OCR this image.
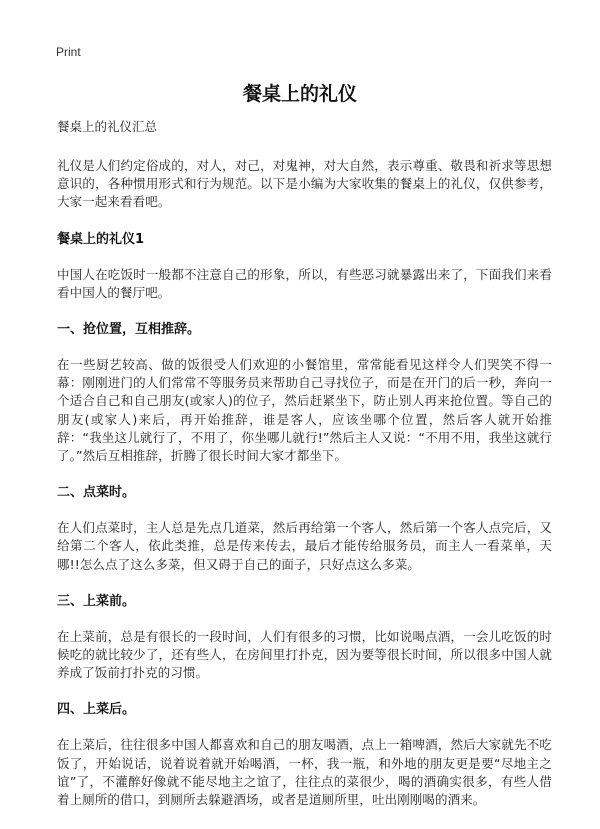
Print
餐桌上的礼仪
餐桌上的礼仪汇总

礼仪是人们约定俗成的，对人，对己，对鬼神，对大自然，表示尊重、敬畏和祈求等思想意识的，各种惯用形式和行为规范。以下是小编为大家收集的餐桌上的礼仪，仅供参考，大家一起来看看吧。

餐桌上的礼仪1

中国人在吃饭时一般都不注意自己的形象，所以，有些恶习就暴露出来了，下面我们来看看中国人的餐厅吧。

一、抢位置，互相推辞。

在一些厨艺较高、做的饭很受人们欢迎的小餐馆里，常常能看见这样令人们哭笑不得一幕：刚刚进门的人们常常不等服务员来帮助自己寻找位子，而是在开门的后一秒，奔向一个适合自己和自己朋友(或家人)的位子，然后赶紧坐下，防止别人再来抢位置。等自己的朋友(或家人)来后，再开始推辞，谁是客人，应该坐哪个位置，然后客人就开始推辞：“我坐这儿就行了，不用了，你坐哪儿就行!”然后主人又说：“不用不用，我坐这就行了。”然后互相推辞，折腾了很长时间大家才都坐下。

二、点菜时。

在人们点菜时，主人总是先点几道菜，然后再给第一个客人，然后第一个客人点完后，又给第二个客人，依此类推，总是传来传去，最后才能传给服务员，而主人一看菜单，天哪!!怎么点了这么多菜，但又碍于自己的面子，只好点这么多菜。

三、上菜前。

在上菜前，总是有很长的一段时间，人们有很多的习惯，比如说喝点酒，一会儿吃饭的时候吃的就比较少了，还有些人，在房间里打扑克，因为要等很长时间，所以很多中国人就养成了饭前打扑克的习惯。

四、上菜后。

在上菜后，往往很多中国人都喜欢和自己的朋友喝酒，点上一箱啤酒，然后大家就先不吃饭了，开始说话，说着说着就开始喝酒，一杯，我一瓶，和外地的朋友更是要“尽地主之谊”了，不灌醉好像就不能尽地主之谊了，往往点的菜很少，喝的酒确实很多，有些人借着上厕所的借口，到厕所去躲避酒场，或者是道厕所里，吐出刚刚喝的酒来。
